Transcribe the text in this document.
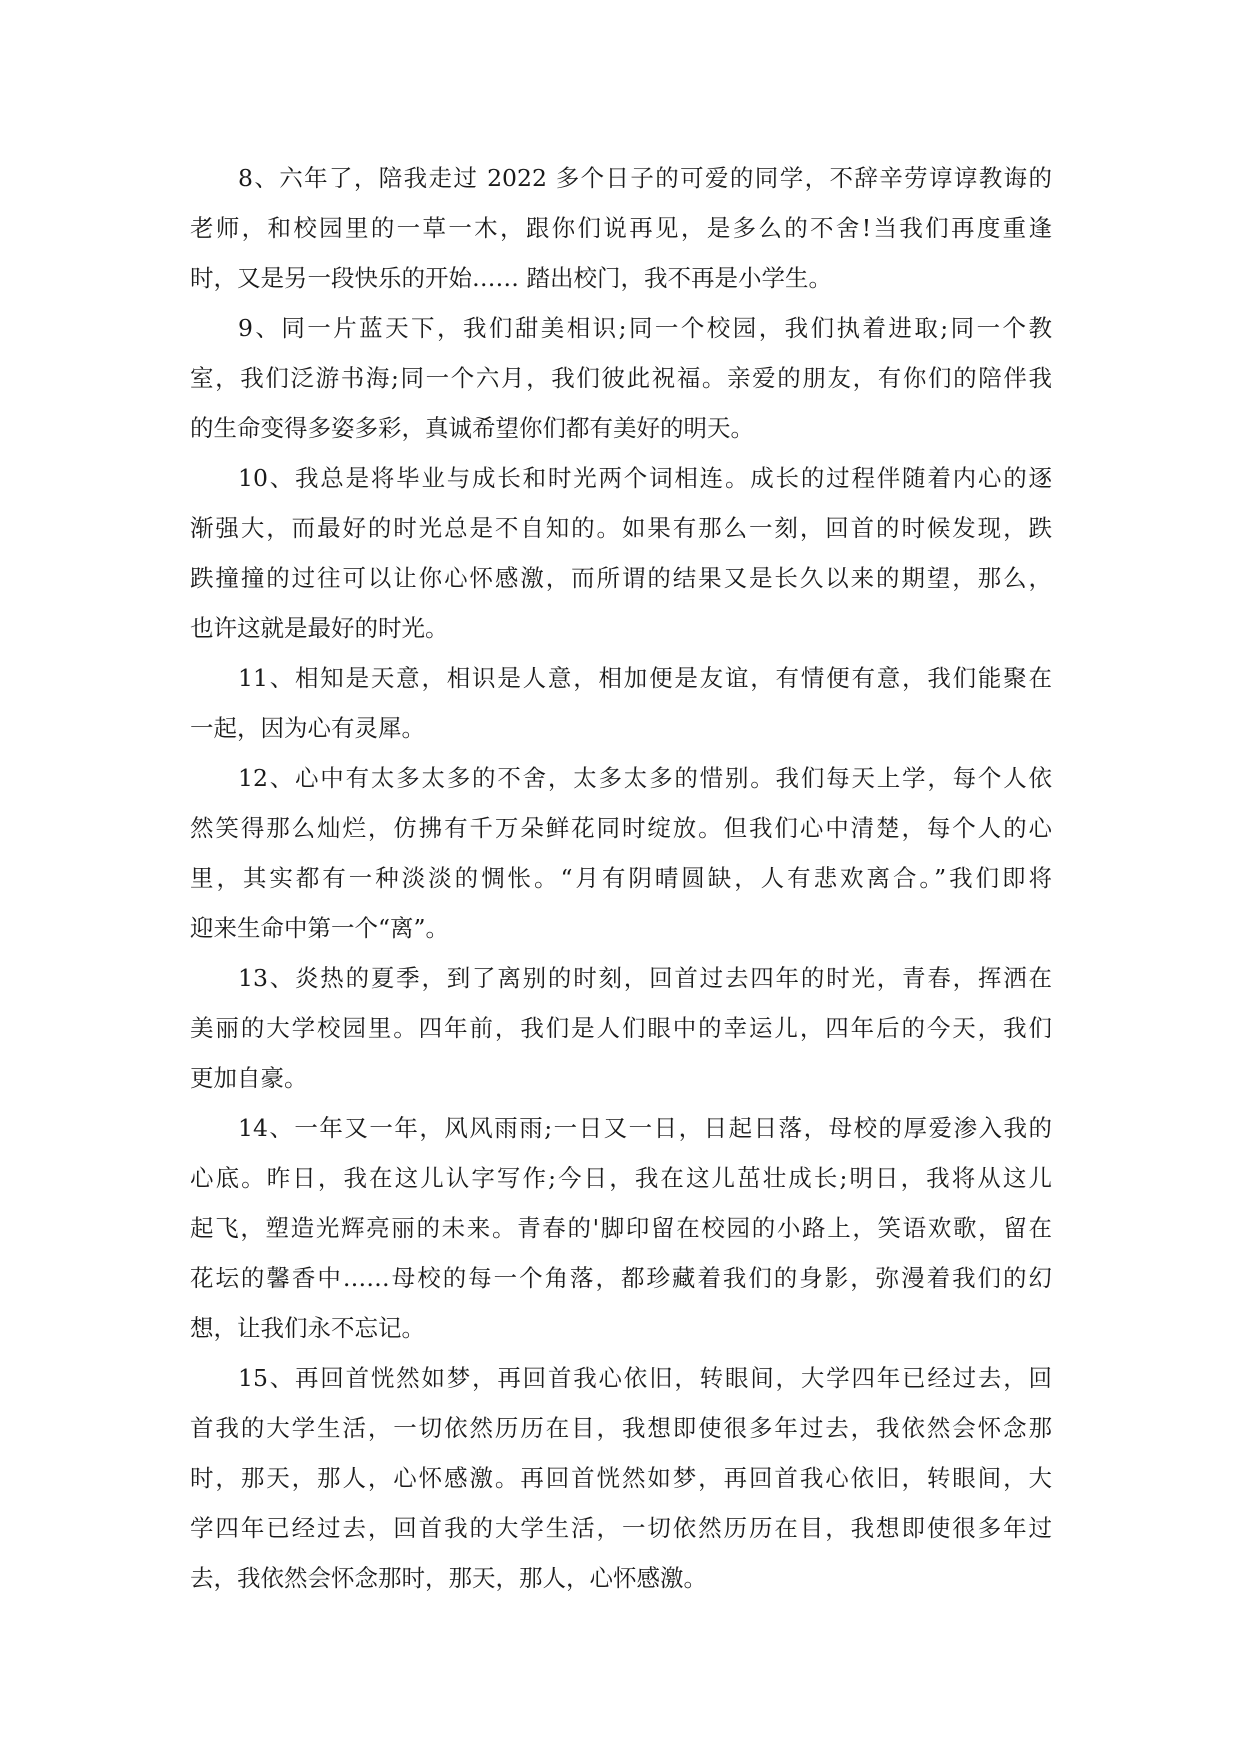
8、六年了，陪我走过 2022 多个日子的可爱的同学，不辞辛劳谆谆教诲的
老师，和校园里的一草一木，跟你们说再见，是多么的不舍!当我们再度重逢
时，又是另一段快乐的开始…… 踏出校门，我不再是小学生。
9、同一片蓝天下，我们甜美相识;同一个校园，我们执着进取;同一个教
室，我们泛游书海;同一个六月，我们彼此祝福。亲爱的朋友，有你们的陪伴我
的生命变得多姿多彩，真诚希望你们都有美好的明天。
10、我总是将毕业与成长和时光两个词相连。成长的过程伴随着内心的逐
渐强大，而最好的时光总是不自知的。如果有那么一刻，回首的时候发现，跌
跌撞撞的过往可以让你心怀感激，而所谓的结果又是长久以来的期望，那么，
也许这就是最好的时光。
11、相知是天意，相识是人意，相加便是友谊，有情便有意，我们能聚在
一起，因为心有灵犀。
12、心中有太多太多的不舍，太多太多的惜别。我们每天上学，每个人依
然笑得那么灿烂，仿拂有千万朵鲜花同时绽放。但我们心中清楚，每个人的心
里，其实都有一种淡淡的惆怅。“月有阴晴圆缺，人有悲欢离合。”我们即将
迎来生命中第一个“离”。
13、炎热的夏季，到了离别的时刻，回首过去四年的时光，青春，挥洒在
美丽的大学校园里。四年前，我们是人们眼中的幸运儿，四年后的今天，我们
更加自豪。
14、一年又一年，风风雨雨;一日又一日，日起日落，母校的厚爱渗入我的
心底。昨日，我在这儿认字写作;今日，我在这儿茁壮成长;明日，我将从这儿
起飞，塑造光辉亮丽的未来。青春的'脚印留在校园的小路上，笑语欢歌，留在
花坛的馨香中……母校的每一个角落，都珍藏着我们的身影，弥漫着我们的幻
想，让我们永不忘记。
15、再回首恍然如梦，再回首我心依旧，转眼间，大学四年已经过去，回
首我的大学生活，一切依然历历在目，我想即使很多年过去，我依然会怀念那
时，那天，那人，心怀感激。再回首恍然如梦，再回首我心依旧，转眼间，大
学四年已经过去，回首我的大学生活，一切依然历历在目，我想即使很多年过
去，我依然会怀念那时，那天，那人，心怀感激。
